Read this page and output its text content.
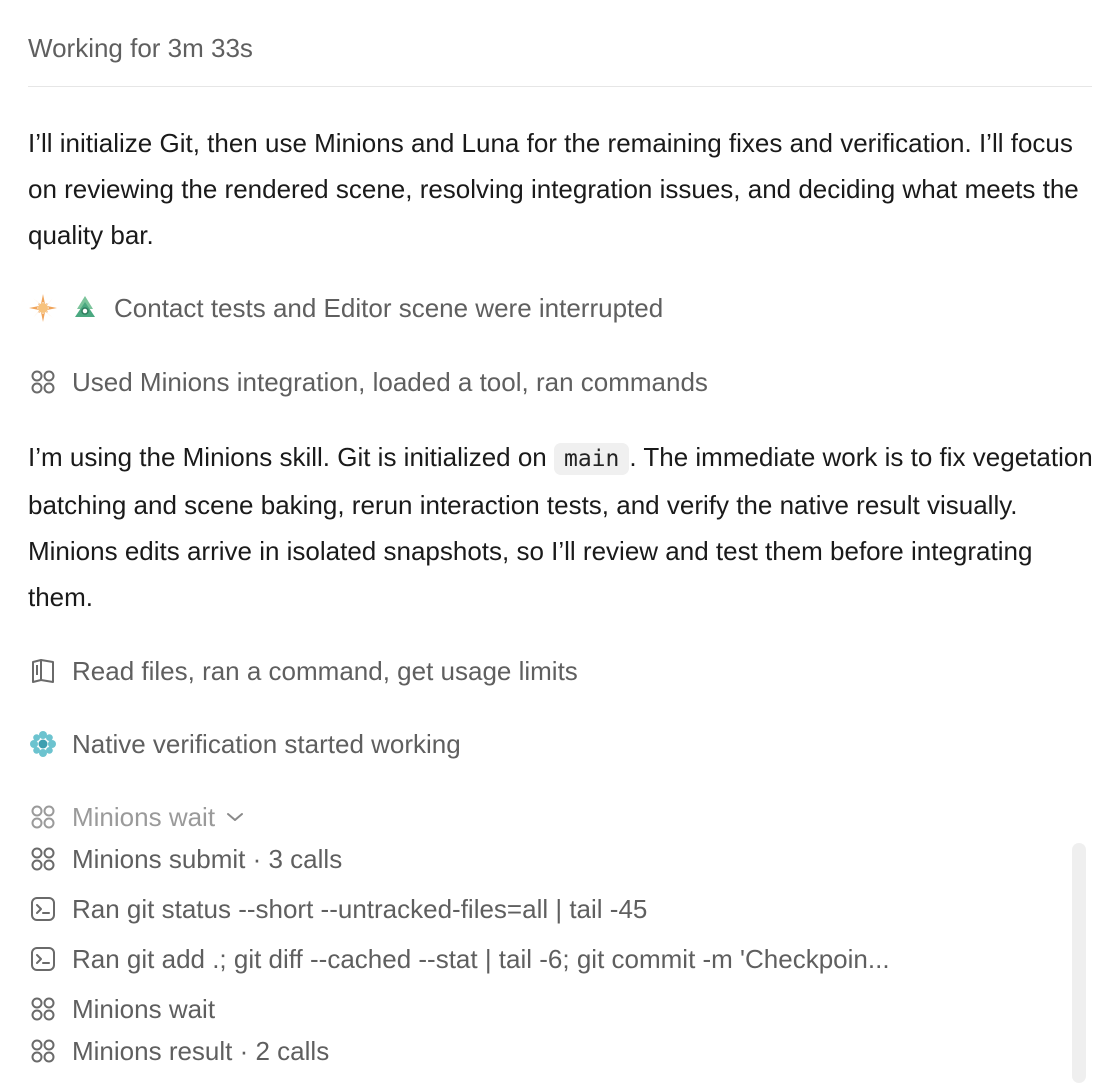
Working for 3m 33s

I’ll initialize Git, then use Minions and Luna for the remaining fixes and verification. I’ll focus on reviewing the rendered scene, resolving integration issues, and deciding what meets the quality bar.

Contact tests and Editor scene were interrupted
Used Minions integration, loaded a tool, ran commands

I’m using the Minions skill. Git is initialized on main . The immediate work is to fix vegetation batching and scene baking, rerun interaction tests, and verify the native result visually. Minions edits arrive in isolated snapshots, so I’ll review and test them before integrating them.

Read files, ran a command, get usage limits
Native verification started working
Minions wait
Minions submit · 3 calls
Ran git status --short --untracked-files=all | tail -45
Ran git add .; git diff --cached --stat | tail -6; git commit -m 'Checkpoin...
Minions wait
Minions result · 2 calls
